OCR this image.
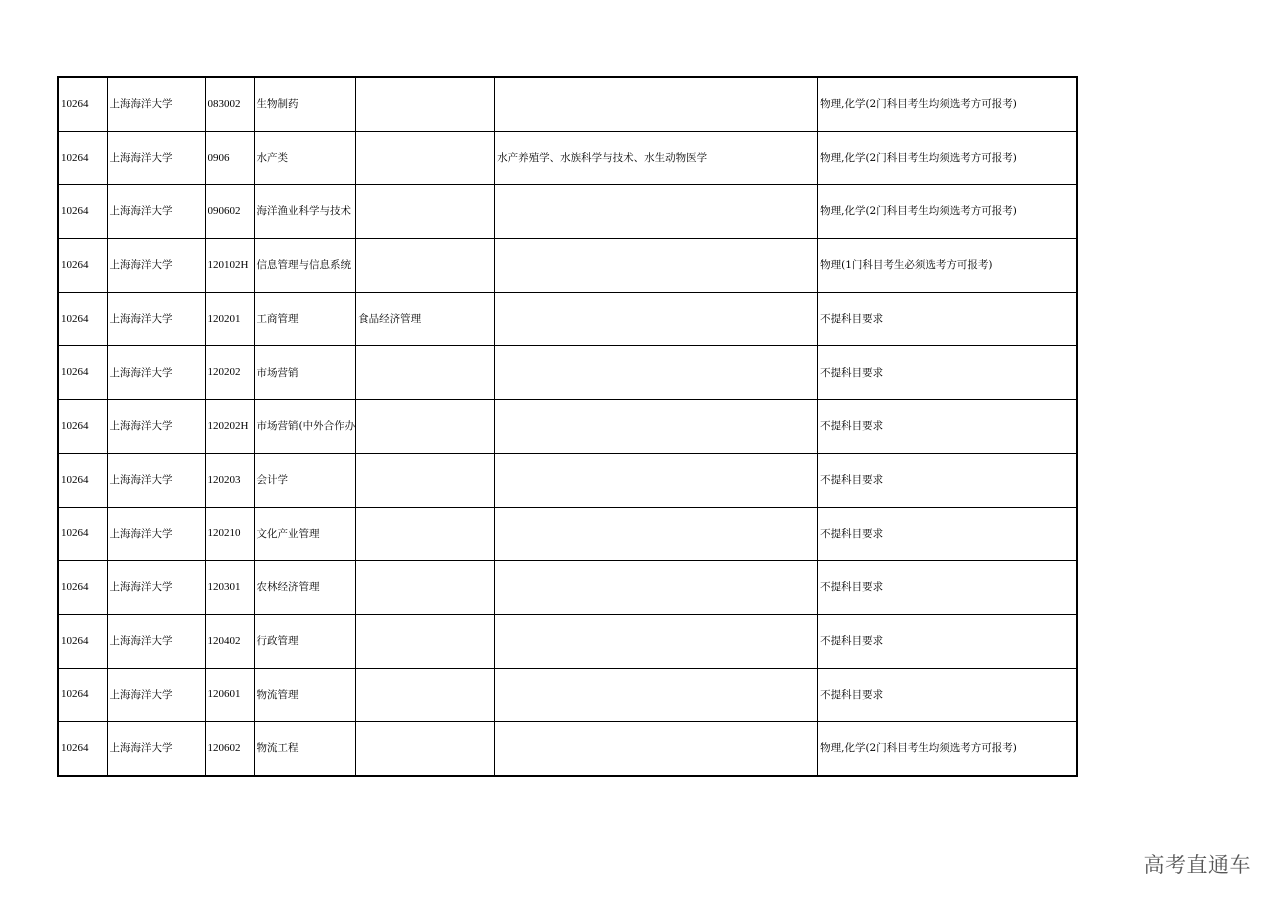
10264	上海海洋大学	083002	生物制药			物理,化学(2门科目考生均须选考方可报考)
10264	上海海洋大学	0906	水产类		水产养殖学、水族科学与技术、水生动物医学	物理,化学(2门科目考生均须选考方可报考)
10264	上海海洋大学	090602	海洋渔业科学与技术			物理,化学(2门科目考生均须选考方可报考)
10264	上海海洋大学	120102H	信息管理与信息系统			物理(1门科目考生必须选考方可报考)
10264	上海海洋大学	120201	工商管理	食品经济管理		不提科目要求
10264	上海海洋大学	120202	市场营销			不提科目要求
10264	上海海洋大学	120202H	市场营销(中外合作办			不提科目要求
10264	上海海洋大学	120203	会计学			不提科目要求
10264	上海海洋大学	120210	文化产业管理			不提科目要求
10264	上海海洋大学	120301	农林经济管理			不提科目要求
10264	上海海洋大学	120402	行政管理			不提科目要求
10264	上海海洋大学	120601	物流管理			不提科目要求
10264	上海海洋大学	120602	物流工程			物理,化学(2门科目考生均须选考方可报考)
高考直通车
